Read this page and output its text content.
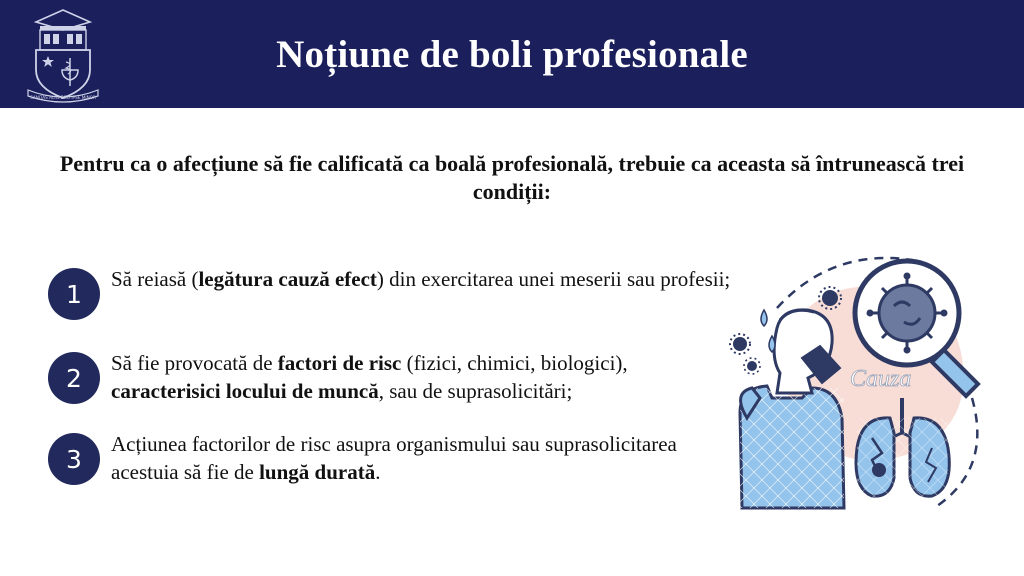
SANITAS ALIIS EGO IPSE MINOR
Noțiune de boli profesionale
Pentru ca o afecțiune să fie calificată ca boală profesională, trebuie ca aceasta să întrunească trei condiții:
1
Să reiasă (legătura cauză efect) din exercitarea unei meserii sau profesii;
2
Să fie provocată de factori de risc (fizici, chimici, biologici), caracterisici locului de muncă, sau de suprasolicitări;
3
Acțiunea factorilor de risc asupra organismului sau suprasolicitarea acestuia să fie de lungă durată.
Cauza
